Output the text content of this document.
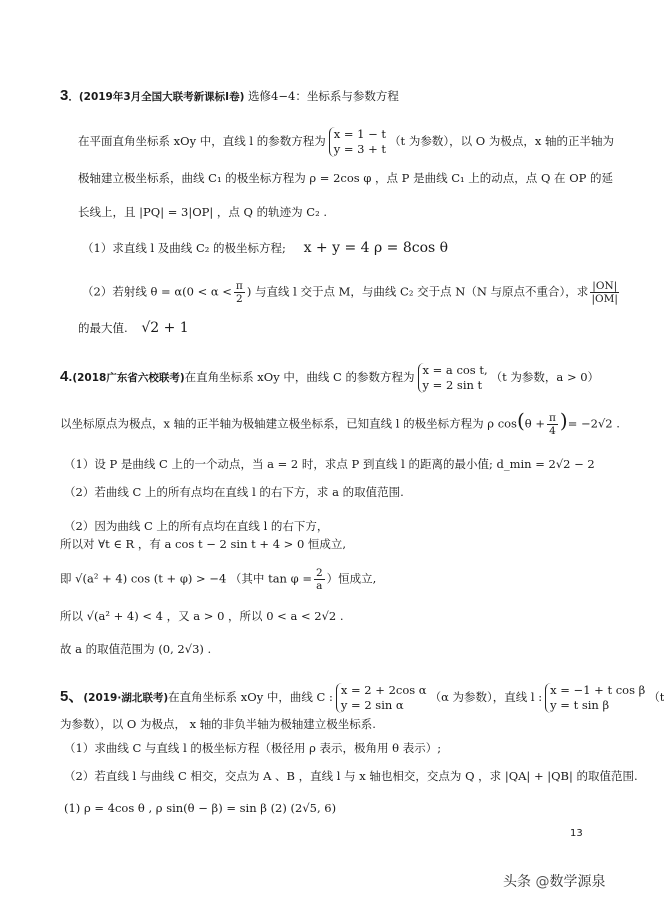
3．(2019年3月全国大联考新课标I卷) 选修4−4：坐标系与参数方程
在平面直角坐标系 xOy 中，直线 l 的参数方程为 x = 1 − t
y = 3 + t
（t 为参数），以 O 为极点，x 轴的正半轴为
极轴建立极坐标系，曲线 C₁ 的极坐标方程为 ρ = 2cos φ ，点 P 是曲线 C₁ 上的动点，点 Q 在 OP 的延
长线上，且 |PQ| = 3|OP| ，点 Q 的轨迹为 C₂ .
（1）求直线 l 及曲线 C₂ 的极坐标方程; x + y = 4 ρ = 8cos θ
（2）若射线 $\theta = \alpha(0 < \alpha < \frac{\pi}{2}$ ) 与直线 l 交于点 M，与曲线 C₂ 交于点 N（N 与原点不重合），求 $\frac{|ON|}{|OM|}$
的最大值. √2 + 1
4.(2018广东省六校联考)在直角坐标系 xOy 中，曲线 C 的参数方程为 x = a cos t,
y = 2 sin t
（t 为参数，a > 0）
以坐标原点为极点，x 轴的正半轴为极轴建立极坐标系，已知直线 l 的极坐标方程为 ρ $\cos(\theta + \frac{\pi}{4}$ )= −2√2 .
（1）设 P 是曲线 C 上的一个动点，当 a = 2 时，求点 P 到直线 l 的距离的最小值; d_min = 2√2 − 2
（2）若曲线 C 上的所有点均在直线 l 的右下方，求 a 的取值范围.
（2）因为曲线 C 上的所有点均在直线 l 的右下方，
所以对 ∀t ∈ R ，有 a cos t − 2 sin t + 4 > 0 恒成立,
即 √(a² + 4) cos (t + φ) > −4 （其中 $\tan \varphi = \frac{2}{a}$ ）恒成立,
所以 √(a² + 4) < 4 ，又 a > 0 ，所以 0 < a < 2√2 .
故 a 的取值范围为 (0, 2√3) .
5、(2019·湖北联考)在直角坐标系 xOy 中，曲线 C : x = 2 + 2cos α
y = 2 sin α
（α 为参数），直线 l : x = −1 + t cos β
y = t sin β
（t
为参数），以 O 为极点， x 轴的非负半轴为极轴建立极坐标系.
（1）求曲线 C 与直线 l 的极坐标方程（极径用 ρ 表示，极角用 θ 表示）;
（2）若直线 l 与曲线 C 相交，交点为 A 、B ，直线 l 与 x 轴也相交，交点为 Q ，求 |QA| + |QB| 的取值范围.
(1) ρ = 4cos θ , ρ sin(θ − β) = sin β (2) (2√5, 6)
13
头条 @数学源泉
